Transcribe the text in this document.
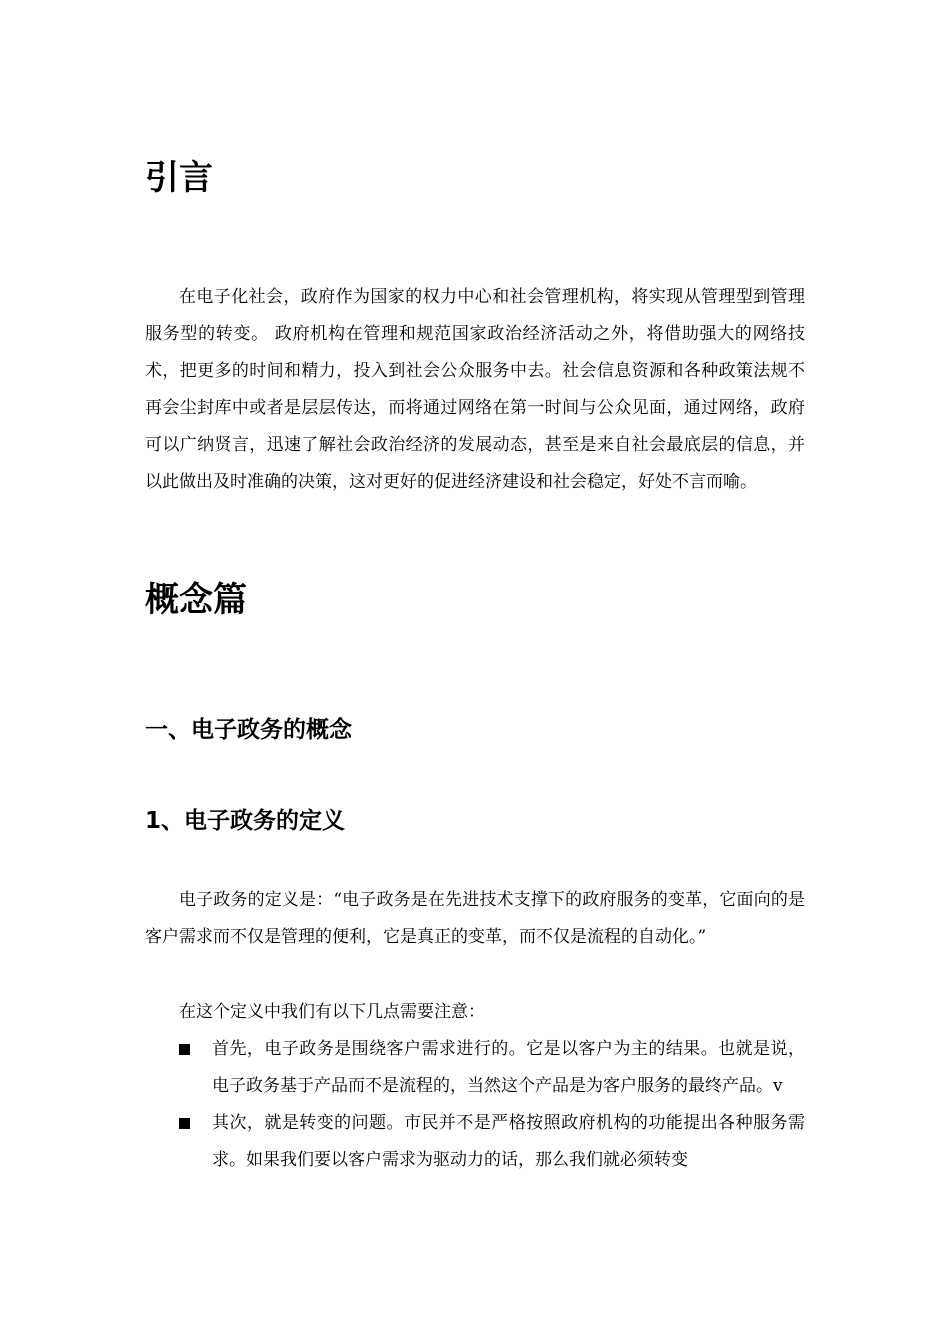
引言

在电子化社会，政府作为国家的权力中心和社会管理机构，将实现从管理型到管理服务型的转变。 政府机构在管理和规范国家政治经济活动之外，将借助强大的网络技术，把更多的时间和精力，投入到社会公众服务中去。社会信息资源和各种政策法规不再会尘封库中或者是层层传达，而将通过网络在第一时间与公众见面，通过网络，政府可以广纳贤言，迅速了解社会政治经济的发展动态，甚至是来自社会最底层的信息，并以此做出及时准确的决策，这对更好的促进经济建设和社会稳定，好处不言而喻。

概念篇
一、电子政务的概念
1、电子政务的定义

电子政务的定义是：“电子政务是在先进技术支撑下的政府服务的变革，它面向的是客户需求而不仅是管理的便利，它是真正的变革，而不仅是流程的自动化。”

在这个定义中我们有以下几点需要注意：

首先，电子政务是围绕客户需求进行的。它是以客户为主的结果。也就是说，电子政务基于产品而不是流程的，当然这个产品是为客户服务的最终产品。v
其次，就是转变的问题。市民并不是严格按照政府机构的功能提出各种服务需求。如果我们要以客户需求为驱动力的话，那么我们就必须转变
